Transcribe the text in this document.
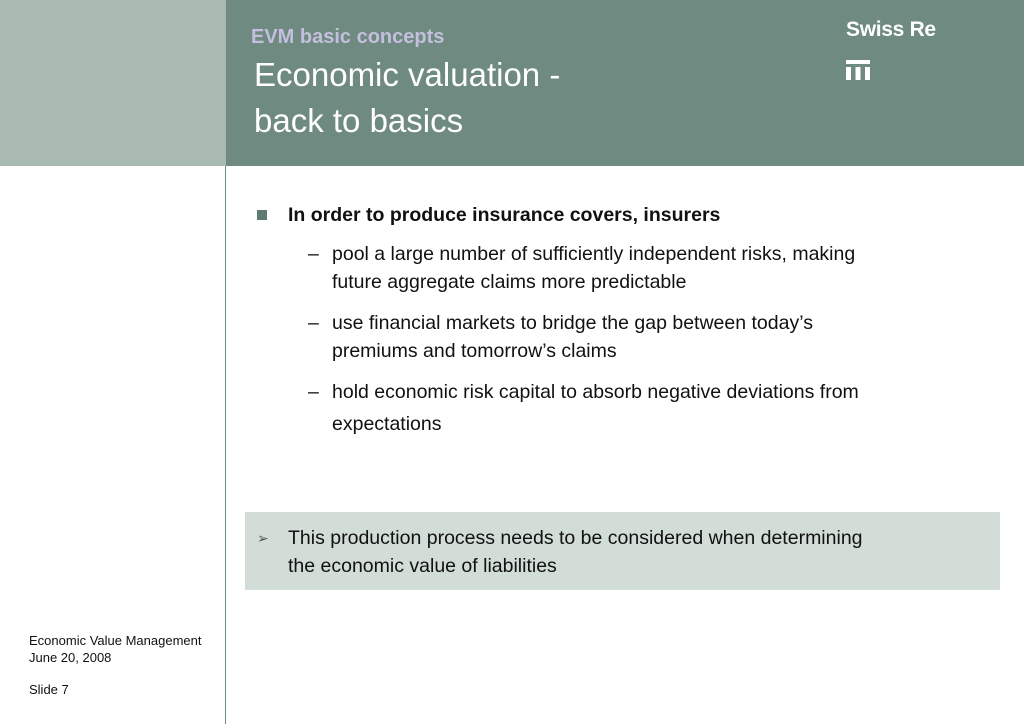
EVM basic concepts
Economic valuation -
back to basics
Swiss Re
In order to produce insurance covers, insurers
– pool a large number of sufficiently independent risks, making
future aggregate claims more predictable
– use financial markets to bridge the gap between today’s
premiums and tomorrow’s claims
– hold economic risk capital to absorb negative deviations from
expectations
➢ This production process needs to be considered when determining
the economic value of liabilities
Economic Value Management
June 20, 2008
Slide 7
